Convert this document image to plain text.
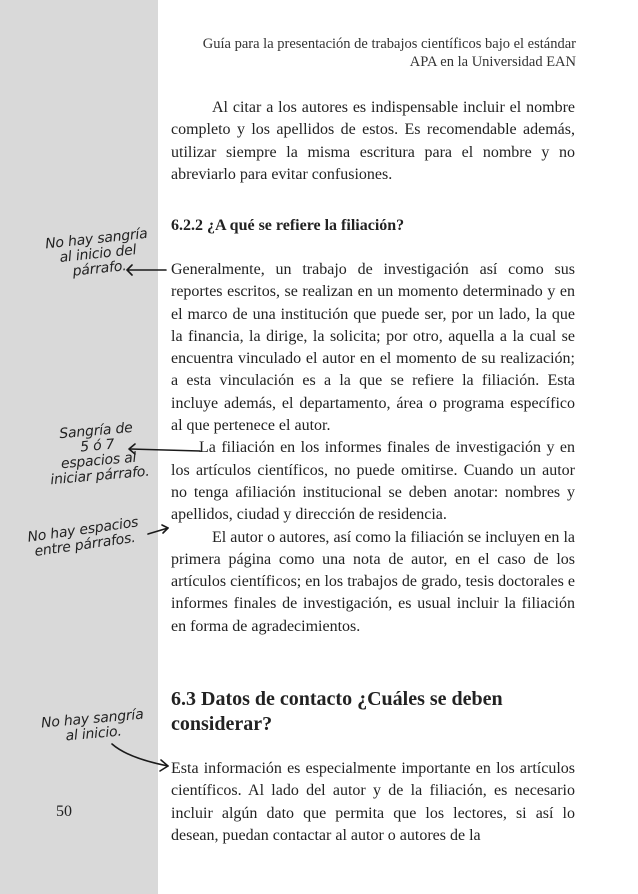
Guía para la presentación de trabajos científicos bajo el estándar
APA en la Universidad EAN

Al citar a los autores es indispensable incluir el nombre completo y los apellidos de estos. Es recomendable además, utilizar siempre la misma escritura para el nombre y no abreviarlo para evitar confusiones.

6.2.2 ¿A qué se refiere la filiación?

Generalmente, un trabajo de investigación así como sus reportes escritos, se realizan en un momento determinado y en el marco de una institución que puede ser, por un lado, la que la financia, la dirige, la solicita; por otro, aquella a la cual se encuentra vinculado el autor en el momento de su realización; a esta vinculación es a la que se refiere la filiación. Esta incluye además, el departamento, área o programa específico al que pertenece el autor.

La filiación en los informes finales de investigación y en los artículos científicos, no puede omitirse. Cuando un autor no tenga afiliación institucional se deben anotar: nombres y apellidos, ciudad y dirección de residencia.

El autor o autores, así como la filiación se incluyen en la primera página como una nota de autor, en el caso de los artículos científicos; en los trabajos de grado, tesis doctorales e informes finales de investigación, es usual incluir la filiación en forma de agradecimientos.

6.3 Datos de contacto ¿Cuáles se deben
considerar?

Esta información es especialmente importante en los artículos científicos. Al lado del autor y de la filiación, es necesario incluir algún dato que permita que los lectores, si así lo desean, puedan contactar al autor o autores de la

50
No hay sangría
al inicio del
párrafo.
Sangría de
5 ó 7
espacios al
iniciar párrafo.
No hay espacios
entre párrafos.
No hay sangría
al inicio.
